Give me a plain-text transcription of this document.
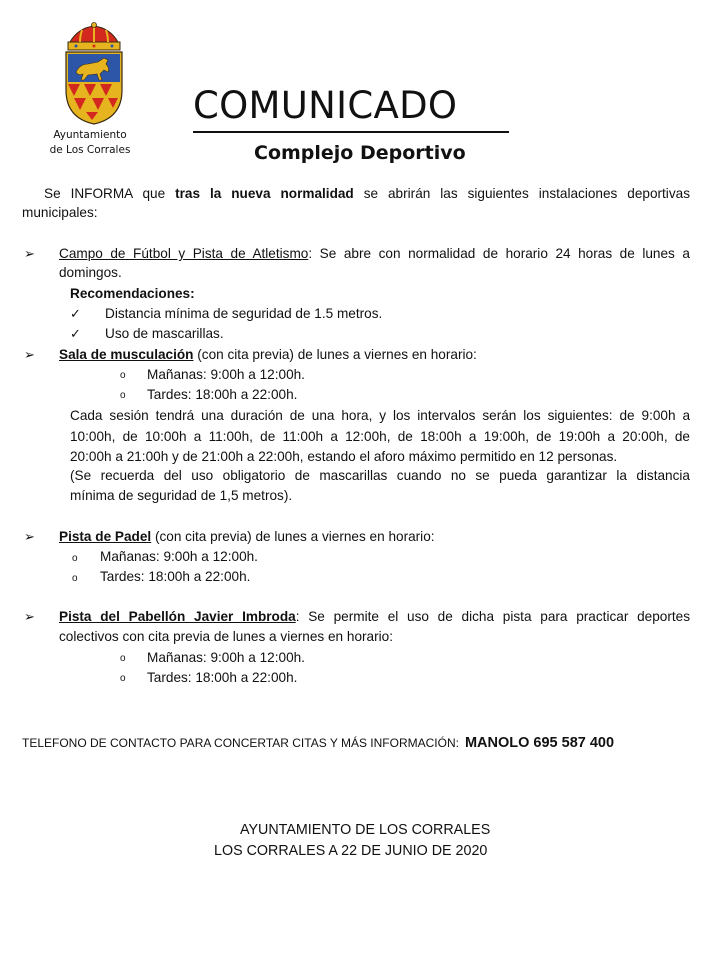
Ayuntamiento
de Los Corrales
COMUNICADO
Complejo Deportivo
Se INFORMA que tras la nueva normalidad se abrirán las siguientes instalaciones deportivas
municipales:
➢ Campo de Fútbol y Pista de Atletismo: Se abre con normalidad de horario 24 horas de lunes a
domingos.
Recomendaciones:
✓ Distancia mínima de seguridad de 1.5 metros.
✓ Uso de mascarillas.
➢ Sala de musculación (con cita previa) de lunes a viernes en horario:
o Mañanas: 9:00h a 12:00h.
o Tardes: 18:00h a 22:00h.
Cada sesión tendrá una duración de una hora, y los intervalos serán los siguientes: de 9:00h a
10:00h, de 10:00h a 11:00h, de 11:00h a 12:00h, de 18:00h a 19:00h, de 19:00h a 20:00h, de
20:00h a 21:00h y de 21:00h a 22:00h, estando el aforo máximo permitido en 12 personas.
(Se recuerda del uso obligatorio de mascarillas cuando no se pueda garantizar la distancia
mínima de seguridad de 1,5 metros).
➢ Pista de Padel (con cita previa) de lunes a viernes en horario:
o Mañanas: 9:00h a 12:00h.
o Tardes: 18:00h a 22:00h.
➢ Pista del Pabellón Javier Imbroda: Se permite el uso de dicha pista para practicar deportes
colectivos con cita previa de lunes a viernes en horario:
o Mañanas: 9:00h a 12:00h.
o Tardes: 18:00h a 22:00h.
TELEFONO DE CONTACTO PARA CONCERTAR CITAS Y MÁS INFORMACIÓN: MANOLO 695 587 400
AYUNTAMIENTO DE LOS CORRALES
LOS CORRALES A 22 DE JUNIO DE 2020
